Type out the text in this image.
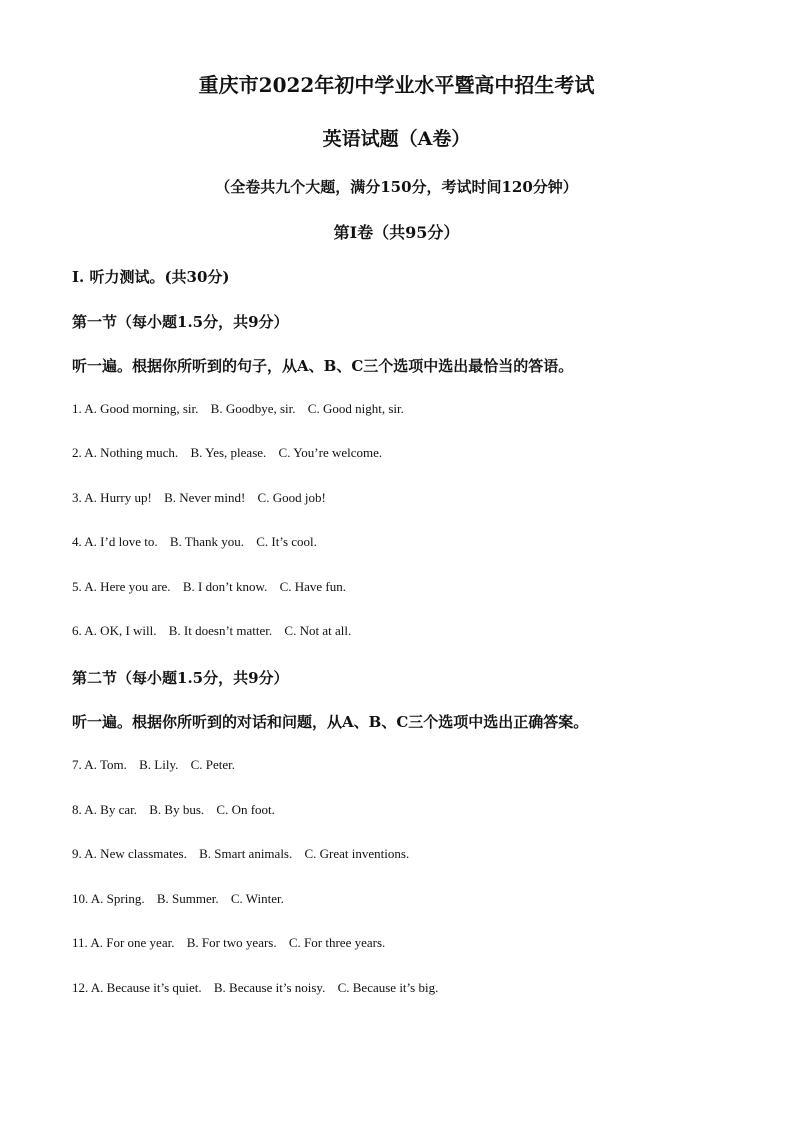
重庆市2022年初中学业水平暨高中招生考试
英语试题（A卷）
（全卷共九个大题，满分150分，考试时间120分钟）
第Ⅰ卷（共95分）
Ⅰ. 听力测试。(共30分)
第一节（每小题1.5分，共9分）
听一遍。根据你所听到的句子，从A、B、C三个选项中选出最恰当的答语。
1. A. Good morning, sir. B. Goodbye, sir. C. Good night, sir.
2. A. Nothing much. B. Yes, please. C. You’re welcome.
3. A. Hurry up! B. Never mind! C. Good job!
4. A. I’d love to. B. Thank you. C. It’s cool.
5. A. Here you are. B. I don’t know. C. Have fun.
6. A. OK, I will. B. It doesn’t matter. C. Not at all.
第二节（每小题1.5分，共9分）
听一遍。根据你所听到的对话和问题，从A、B、C三个选项中选出正确答案。
7. A. Tom. B. Lily. C. Peter.
8. A. By car. B. By bus. C. On foot.
9. A. New classmates. B. Smart animals. C. Great inventions.
10. A. Spring. B. Summer. C. Winter.
11. A. For one year. B. For two years. C. For three years.
12. A. Because it’s quiet. B. Because it’s noisy. C. Because it’s big.
